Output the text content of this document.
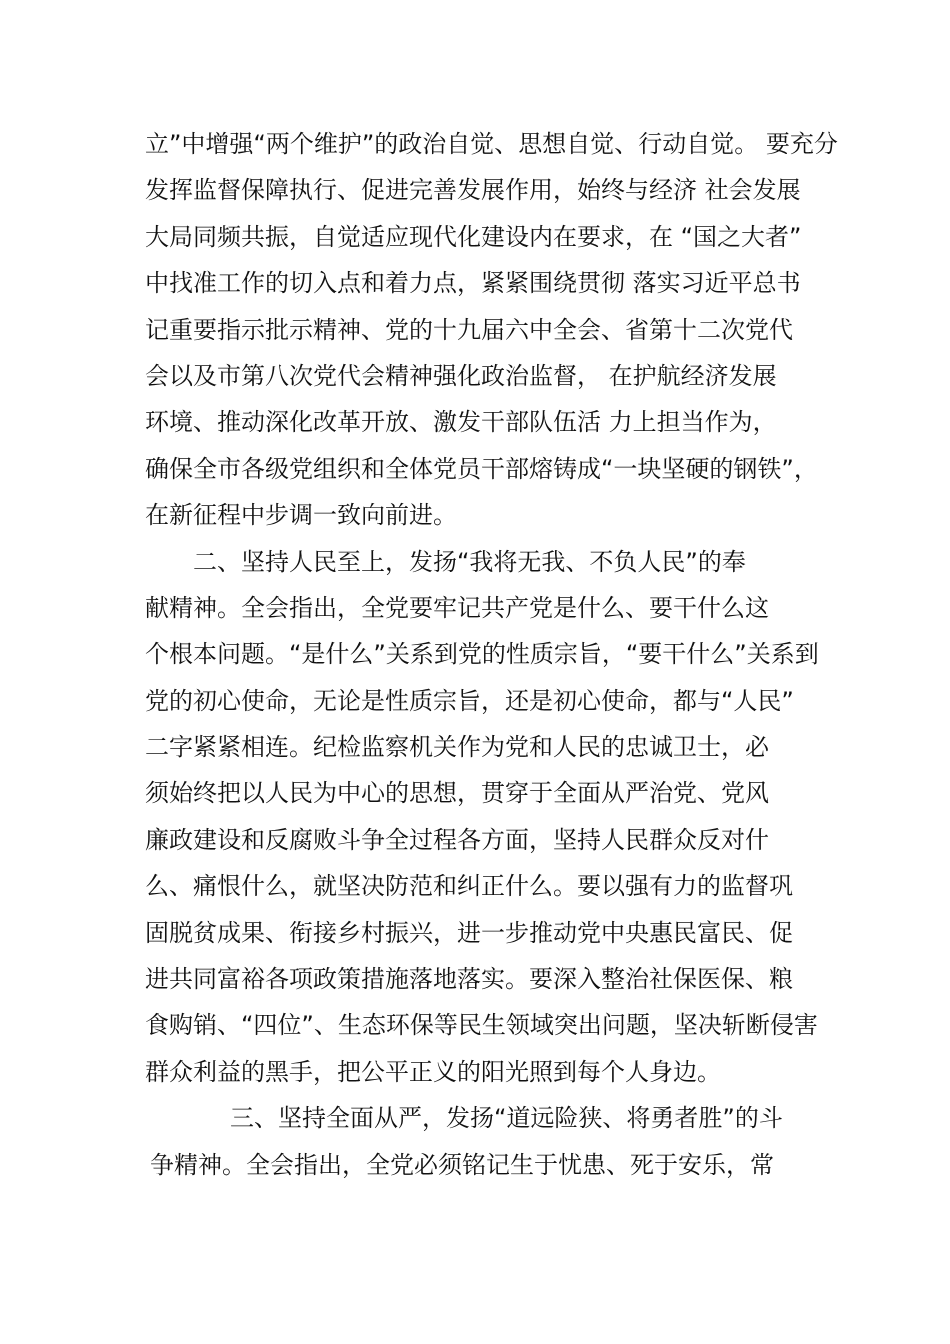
立”中增强“两个维护”的政治自觉、思想自觉、行动自觉。 要充分
发挥监督保障执行、促进完善发展作用，始终与经济 社会发展
大局同频共振，自觉适应现代化建设内在要求，在 “国之大者”
中找准工作的切入点和着力点，紧紧围绕贯彻 落实习近平总书
记重要指示批示精神、党的十九届六中全会、省第十二次党代
会以及市第八次党代会精神强化政治监督， 在护航经济发展
环境、推动深化改革开放、激发干部队伍活 力上担当作为，
确保全市各级党组织和全体党员干部熔铸成“一块坚硬的钢铁”，
在新征程中步调一致向前进。
二、坚持人民至上，发扬“我将无我、不负人民”的奉
献精神。全会指出，全党要牢记共产党是什么、要干什么这
个根本问题。“是什么”关系到党的性质宗旨，“要干什么”关系到
党的初心使命，无论是性质宗旨，还是初心使命，都与“人民”
二字紧紧相连。纪检监察机关作为党和人民的忠诚卫士，必
须始终把以人民为中心的思想，贯穿于全面从严治党、党风
廉政建设和反腐败斗争全过程各方面，坚持人民群众反对什
么、痛恨什么，就坚决防范和纠正什么。要以强有力的监督巩
固脱贫成果、衔接乡村振兴，进一步推动党中央惠民富民、促
进共同富裕各项政策措施落地落实。要深入整治社保医保、粮
食购销、“四位”、生态环保等民生领域突出问题，坚决斩断侵害
群众利益的黑手，把公平正义的阳光照到每个人身边。
三、坚持全面从严，发扬“道远险狭、将勇者胜”的斗
争精神。全会指出，全党必须铭记生于忧患、死于安乐，常
